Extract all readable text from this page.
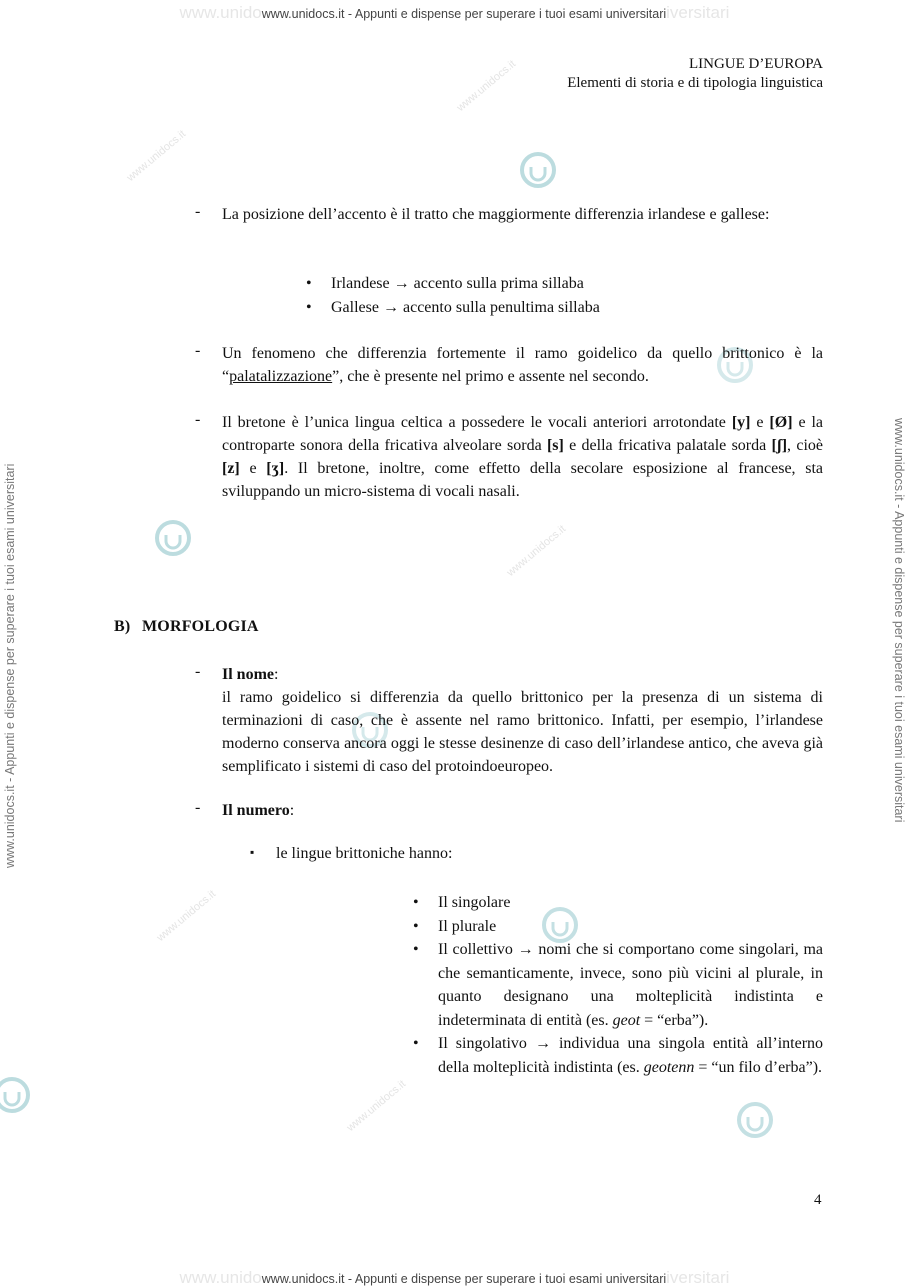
www.unidowww.unidocs.it - Appunti e dispense per superare i tuoi esami universitariiversitari
www.unidowww.unidocs.it - Appunti e dispense per superare i tuoi esami universitariiversitari
www.unidocs.it - Appunti e dispense per superare i tuoi esami universitari	www.unidocs.it - Appunti e dispense per superare i tuoi esami universitari
www.unidocs.it
www.unidocs.it
www.unidocs.it
www.unidocs.it
www.unidocs.it	LINGUE D’EUROPA
Elementi di storia e di tipologia linguistica
- La posizione dell’accento è il tratto che maggiormente differenzia irlandese e gallese:
• Irlandese → accento sulla prima sillaba
• Gallese → accento sulla penultima sillaba
- Un fenomeno che differenzia fortemente il ramo goidelico da quello brittonico è la “palatalizzazione”, che è presente nel primo e assente nel secondo.
- Il bretone è l’unica lingua celtica a possedere le vocali anteriori arrotondate [y] e [Ø] e la controparte sonora della fricativa alveolare sorda [s] e della fricativa palatale sorda [ʃ], cioè [z] e [ʒ]. Il bretone, inoltre, come effetto della secolare esposizione al francese, sta sviluppando un micro-sistema di vocali nasali.
B) MORFOLOGIA
- Il nome:
il ramo goidelico si differenzia da quello brittonico per la presenza di un sistema di terminazioni di caso, che è assente nel ramo brittonico. Infatti, per esempio, l’irlandese moderno conserva ancora oggi le stesse desinenze di caso dell’irlandese antico, che aveva già semplificato i sistemi di caso del protoindoeuropeo.
- Il numero:
▪ le lingue brittoniche hanno:
• Il singolare
• Il plurale
• Il collettivo → nomi che si comportano come singolari, ma che semanticamente, invece, sono più vicini al plurale, in quanto designano una molteplicità indistinta e indeterminata di entità (es. geot = “erba”).
• Il singolativo → individua una singola entità all’interno della molteplicità indistinta (es. geotenn = “un filo d’erba”).
4
